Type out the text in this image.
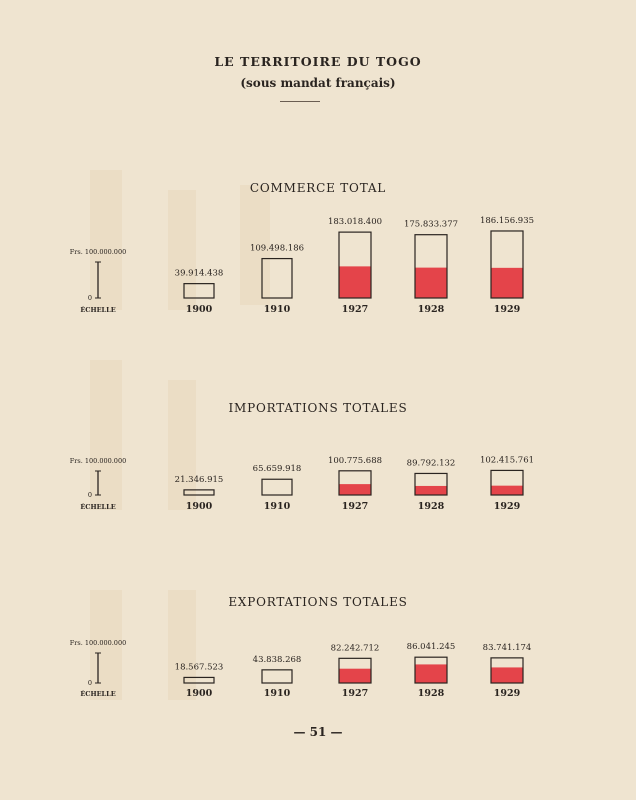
LE TERRITOIRE DU TOGO
(sous mandat français)
COMMERCE TOTAL
Frs. 100.000.000
0
ÉCHELLE
39.914.438
1900
109.498.186
1910
183.018.400
1927
175.833.377
1928
186.156.935
1929
IMPORTATIONS TOTALES
Frs. 100.000.000
0
ÉCHELLE
21.346.915
1900
65.659.918
1910
100.775.688
1927
89.792.132
1928
102.415.761
1929
EXPORTATIONS TOTALES
Frs. 100.000.000
0
ÉCHELLE
18.567.523
1900
43.838.268
1910
82.242.712
1927
86.041.245
1928
83.741.174
1929
— 51 —
